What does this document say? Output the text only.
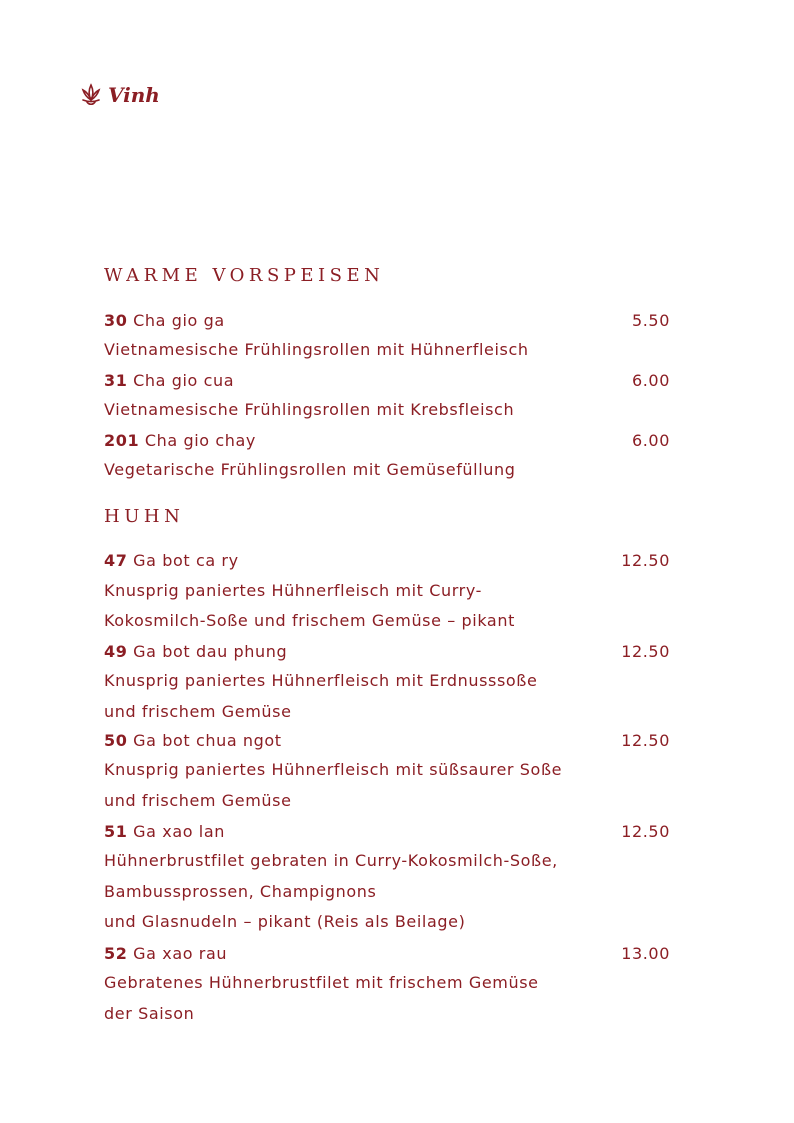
Vinh
WARME VORSPEISEN
30 Cha gio ga	5.50
Vietnamesische Frühlingsrollen mit Hühnerfleisch
31 Cha gio cua	6.00
Vietnamesische Frühlingsrollen mit Krebsfleisch
201 Cha gio chay	6.00
Vegetarische Frühlingsrollen mit Gemüsefüllung
HUHN
47 Ga bot ca ry	12.50
Knusprig paniertes Hühnerfleisch mit Curry-
Kokosmilch-Soße und frischem Gemüse – pikant
49 Ga bot dau phung	12.50
Knusprig paniertes Hühnerfleisch mit Erdnusssoße
und frischem Gemüse
50 Ga bot chua ngot	12.50
Knusprig paniertes Hühnerfleisch mit süßsaurer Soße
und frischem Gemüse
51 Ga xao lan	12.50
Hühnerbrustfilet gebraten in Curry-Kokosmilch-Soße,
Bambussprossen, Champignons
und Glasnudeln – pikant (Reis als Beilage)
52 Ga xao rau	13.00
Gebratenes Hühnerbrustfilet mit frischem Gemüse
der Saison
